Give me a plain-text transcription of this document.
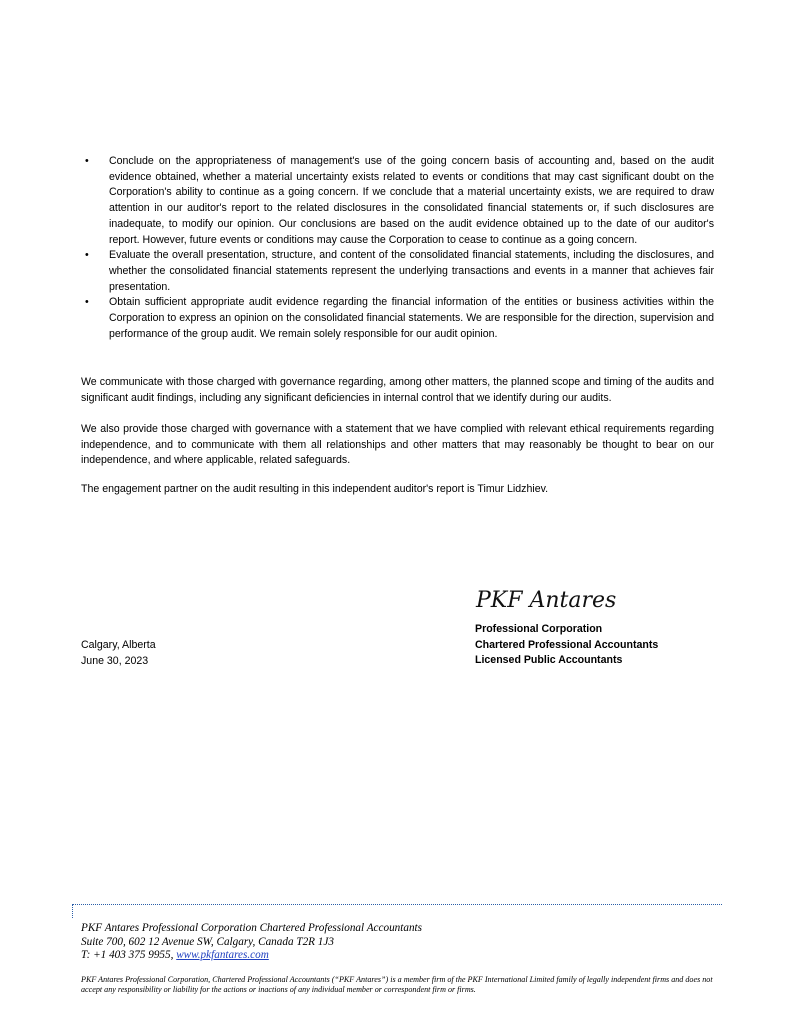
• Conclude on the appropriateness of management's use of the going concern basis of accounting and, based on the audit evidence obtained, whether a material uncertainty exists related to events or conditions that may cast significant doubt on the Corporation's ability to continue as a going concern. If we conclude that a material uncertainty exists, we are required to draw attention in our auditor's report to the related disclosures in the consolidated financial statements or, if such disclosures are inadequate, to modify our opinion. Our conclusions are based on the audit evidence obtained up to the date of our auditor's report. However, future events or conditions may cause the Corporation to cease to continue as a going concern.
• Evaluate the overall presentation, structure, and content of the consolidated financial statements, including the disclosures, and whether the consolidated financial statements represent the underlying transactions and events in a manner that achieves fair presentation.
• Obtain sufficient appropriate audit evidence regarding the financial information of the entities or business activities within the Corporation to express an opinion on the consolidated financial statements. We are responsible for the direction, supervision and performance of the group audit. We remain solely responsible for our audit opinion.

We communicate with those charged with governance regarding, among other matters, the planned scope and timing of the audits and significant audit findings, including any significant deficiencies in internal control that we identify during our audits.

We also provide those charged with governance with a statement that we have complied with relevant ethical requirements regarding independence, and to communicate with them all relationships and other matters that may reasonably be thought to bear on our independence, and where applicable, related safeguards.

The engagement partner on the audit resulting in this independent auditor's report is Timur Lidzhiev.

PKF Antares
Professional Corporation
Chartered Professional Accountants
Licensed Public Accountants
Calgary, Alberta
June 30, 2023
PKF Antares Professional Corporation Chartered Professional Accountants
Suite 700, 602 12 Avenue SW, Calgary, Canada T2R 1J3
T: +1 403 375 9955, www.pkfantares.com
PKF Antares Professional Corporation, Chartered Professional Accountants (“PKF Antares”) is a member firm of the PKF International Limited family of legally independent firms and does not accept any responsibility or liability for the actions or inactions of any individual member or correspondent firm or firms.
